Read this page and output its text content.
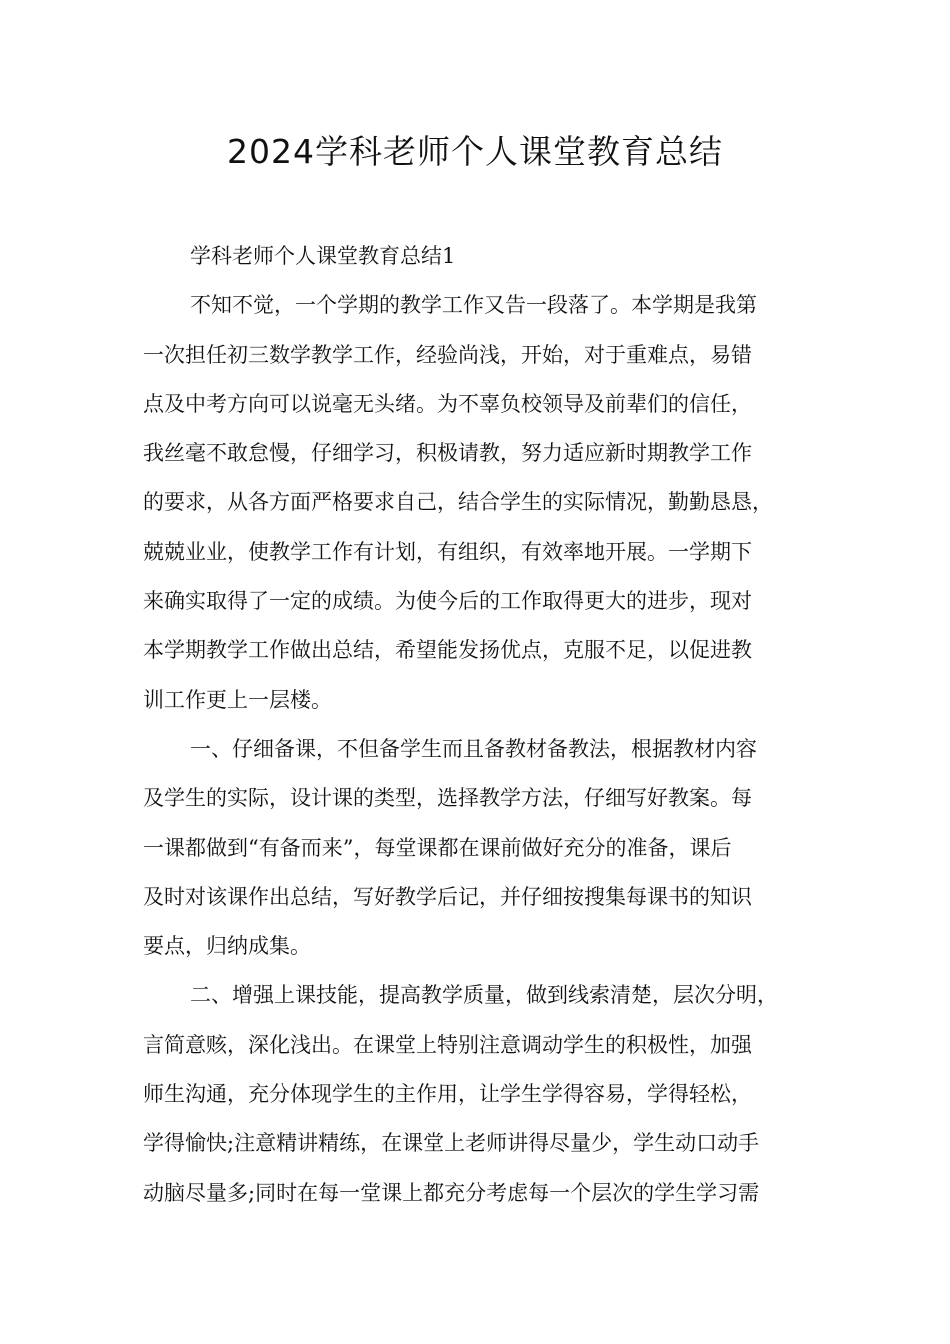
2024学科老师个人课堂教育总结

学科老师个人课堂教育总结1

不知不觉，一个学期的教学工作又告一段落了。本学期是我第
一次担任初三数学教学工作，经验尚浅，开始，对于重难点，易错
点及中考方向可以说毫无头绪。为不辜负校领导及前辈们的信任，
我丝毫不敢怠慢，仔细学习，积极请教，努力适应新时期教学工作
的要求，从各方面严格要求自己，结合学生的实际情况，勤勤恳恳，
兢兢业业，使教学工作有计划，有组织，有效率地开展。一学期下
来确实取得了一定的成绩。为使今后的工作取得更大的进步，现对
本学期教学工作做出总结，希望能发扬优点，克服不足，以促进教
训工作更上一层楼。

一、仔细备课，不但备学生而且备教材备教法，根据教材内容
及学生的实际，设计课的类型，选择教学方法，仔细写好教案。每
一课都做到“有备而来”，每堂课都在课前做好充分的准备，课后
及时对该课作出总结，写好教学后记，并仔细按搜集每课书的知识
要点，归纳成集。

二、增强上课技能，提高教学质量，做到线索清楚，层次分明，
言简意赅，深化浅出。在课堂上特别注意调动学生的积极性，加强
师生沟通，充分体现学生的主作用，让学生学得容易，学得轻松，
学得愉快;注意精讲精练，在课堂上老师讲得尽量少，学生动口动手
动脑尽量多;同时在每一堂课上都充分考虑每一个层次的学生学习需
